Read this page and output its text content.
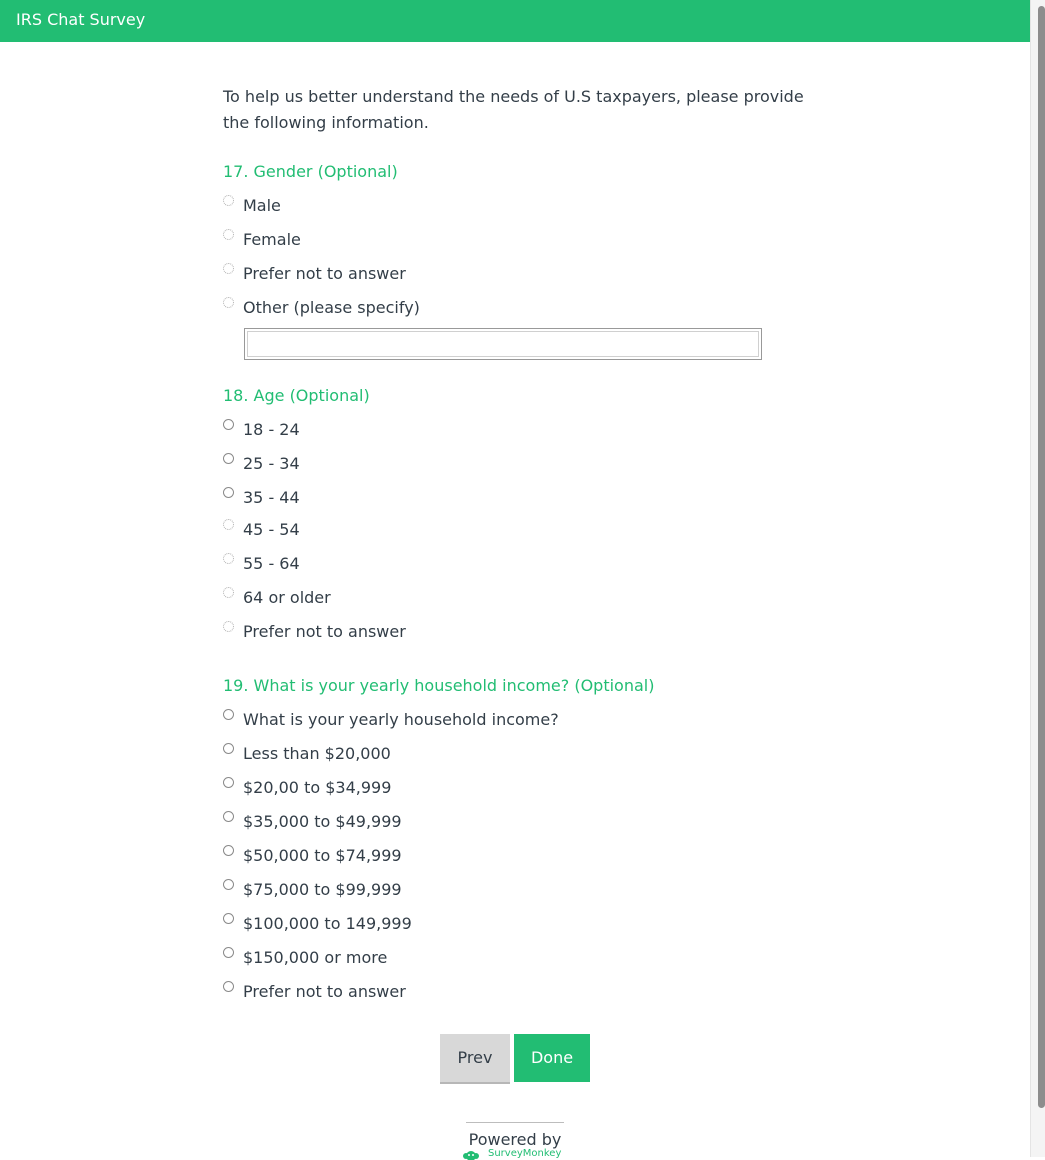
IRS Chat Survey
To help us better understand the needs of U.S taxpayers, please provide the following information.
17. Gender (Optional)
Male
Female
Prefer not to answer
Other (please specify)
18. Age (Optional)
18 - 24
25 - 34
35 - 44
45 - 54
55 - 64
64 or older
Prefer not to answer
19. What is your yearly household income? (Optional)
What is your yearly household income?
Less than $20,000
$20,00 to $34,999
$35,000 to $49,999
$50,000 to $74,999
$75,000 to $99,999
$100,000 to 149,999
$150,000 or more
Prefer not to answer
Prev	Done
Powered by
SurveyMonkey
